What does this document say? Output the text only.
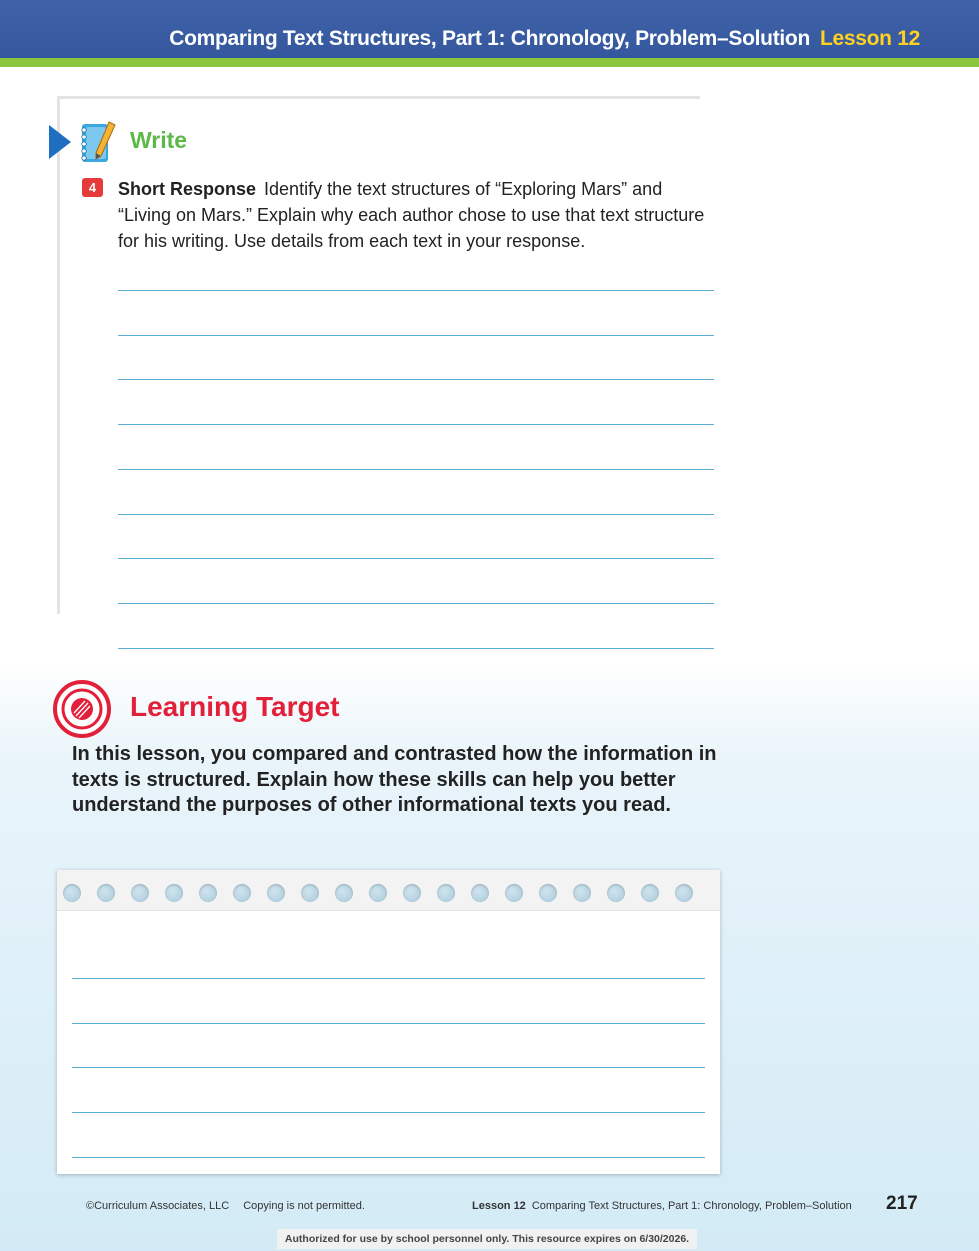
Comparing Text Structures, Part 1: Chronology, Problem–Solution Lesson 12
Write
4	Short Response Identify the text structures of “Exploring Mars” and “Living on Mars.” Explain why each author chose to use that text structure for his writing. Use details from each text in your response.
Learning Target
In this lesson, you compared and contrasted how the information in texts is structured. Explain how these skills can help you better understand the purposes of other informational texts you read.
©Curriculum Associates, LLC Copying is not permitted.	Lesson 12 Comparing Text Structures, Part 1: Chronology, Problem–Solution 217
Authorized for use by school personnel only. This resource expires on 6/30/2026.
